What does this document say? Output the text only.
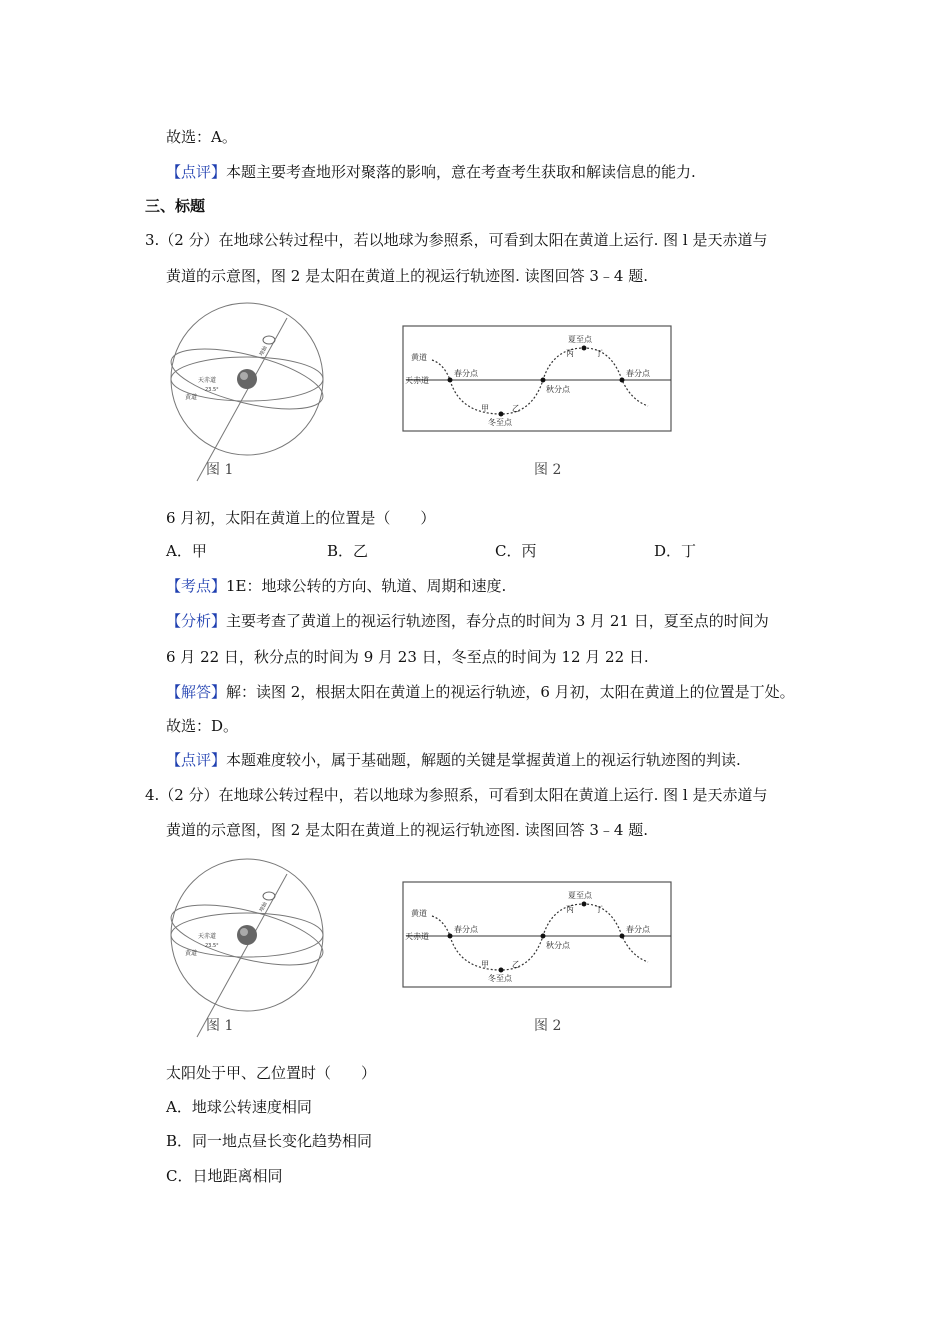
故选：A。
【点评】本题主要考查地形对聚落的影响，意在考查考生获取和解读信息的能力.
三、标题
3.（2 分）在地球公转过程中，若以地球为参照系，可看到太阳在黄道上运行. 图 l 是天赤道与
黄道的示意图，图 2 是太阳在黄道上的视运行轨迹图. 读图回答 3﹣4 题.
天赤道
23.5°
黄道
地轴
图 1
黄道
天赤道
春分点
秋分点
夏至点
冬至点
春分点
甲	乙
丙	丁
图 2
6 月初，太阳在黄道上的位置是（　　）
A．甲	B．乙	C．丙	D．丁
【考点】1E：地球公转的方向、轨道、周期和速度.
【分析】主要考查了黄道上的视运行轨迹图，春分点的时间为 3 月 21 日，夏至点的时间为
6 月 22 日，秋分点的时间为 9 月 23 日，冬至点的时间为 12 月 22 日.
【解答】解：读图 2，根据太阳在黄道上的视运行轨迹，6 月初，太阳在黄道上的位置是丁处。
故选：D。
【点评】本题难度较小，属于基础题，解题的关键是掌握黄道上的视运行轨迹图的判读.
4.（2 分）在地球公转过程中，若以地球为参照系，可看到太阳在黄道上运行. 图 l 是天赤道与
黄道的示意图，图 2 是太阳在黄道上的视运行轨迹图. 读图回答 3﹣4 题.
天赤道
23.5°
黄道
地轴
图 1
黄道
天赤道
春分点
秋分点
夏至点
冬至点
春分点
甲	乙
丙	丁
图 2
太阳处于甲、乙位置时（　　）
A．地球公转速度相同
B．同一地点昼长变化趋势相同
C．日地距离相同
